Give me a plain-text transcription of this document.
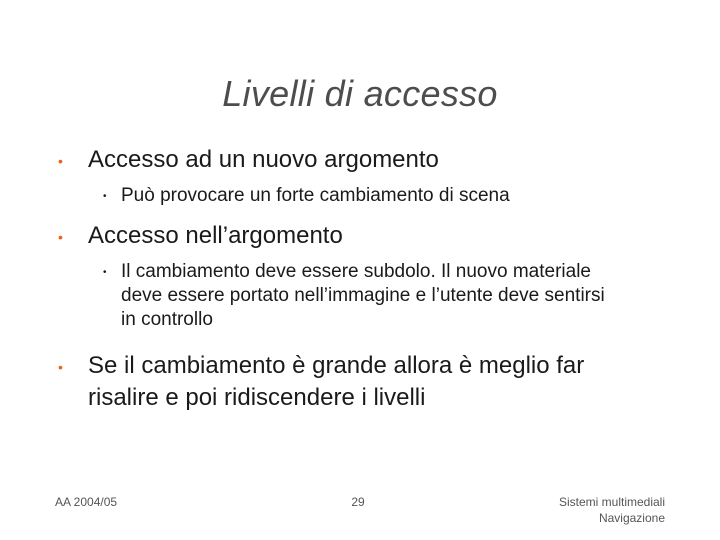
Livelli di accesso
•	Accesso ad un nuovo argomento
• Può provocare un forte cambiamento di scena
•	Accesso nell’argomento
• Il cambiamento deve essere subdolo. Il nuovo materiale deve essere portato nell’immagine e l’utente deve sentirsi in controllo
•	Se il cambiamento è grande allora è meglio far risalire e poi ridiscendere i livelli
AA 2004/05	29	Sistemi multimediali
Navigazione
